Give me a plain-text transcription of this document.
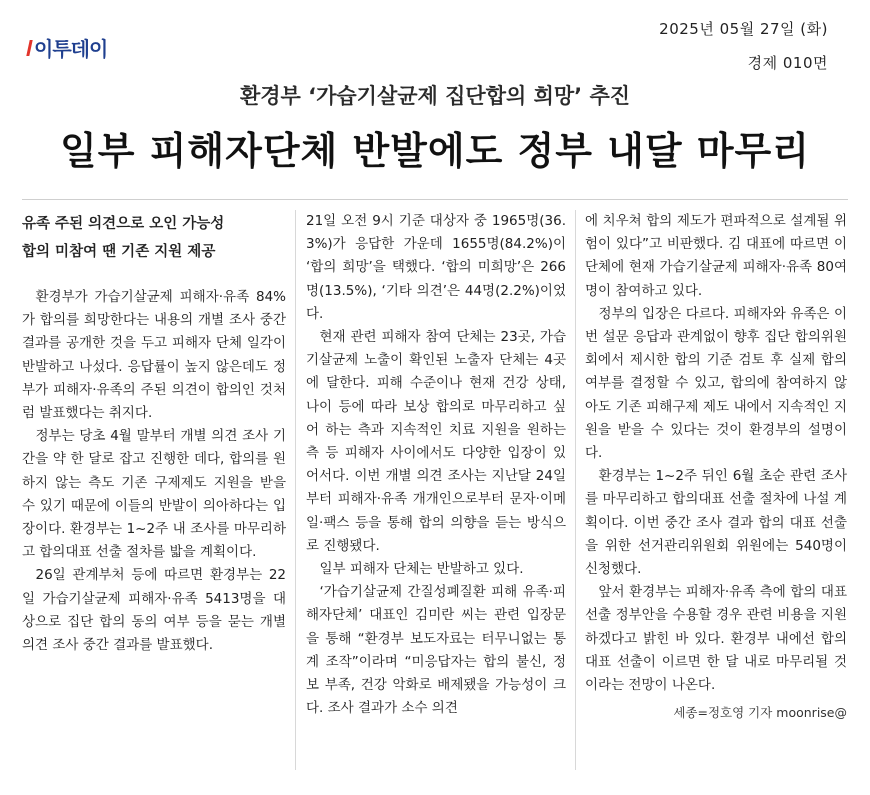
이투데이
2025년 05월 27일 (화)
경제 010면
환경부 ‘가습기살균제 집단합의 희망’ 추진
일부 피해자단체 반발에도 정부 내달 마무리
유족 주된 의견으로 오인 가능성
합의 미참여 땐 기존 지원 제공

환경부가 가습기살균제 피해자·유족 84%가 합의를 희망한다는 내용의 개별 조사 중간 결과를 공개한 것을 두고 피해자 단체 일각이 반발하고 나섰다. 응답률이 높지 않은데도 정부가 피해자·유족의 주된 의견이 합의인 것처럼 발표했다는 취지다.

정부는 당초 4월 말부터 개별 의견 조사 기간을 약 한 달로 잡고 진행한 데다, 합의를 원하지 않는 측도 기존 구제제도 지원을 받을 수 있기 때문에 이들의 반발이 의아하다는 입장이다. 환경부는 1~2주 내 조사를 마무리하고 합의대표 선출 절차를 밟을 계획이다.

26일 관계부처 등에 따르면 환경부는 22일 가습기살균제 피해자·유족 5413명을 대상으로 집단 합의 동의 여부 등을 묻는 개별 의견 조사 중간 결과를 발표했다.

21일 오전 9시 기준 대상자 중 1965명(36.3%)가 응답한 가운데 1655명(84.2%)이 ‘합의 희망’을 택했다. ‘합의 미희망’은 266명(13.5%), ‘기타 의견’은 44명(2.2%)이었다.

현재 관련 피해자 참여 단체는 23곳, 가습기살균제 노출이 확인된 노출자 단체는 4곳에 달한다. 피해 수준이나 현재 건강 상태, 나이 등에 따라 보상 합의로 마무리하고 싶어 하는 측과 지속적인 치료 지원을 원하는 측 등 피해자 사이에서도 다양한 입장이 있어서다. 이번 개별 의견 조사는 지난달 24일부터 피해자·유족 개개인으로부터 문자·이메일·팩스 등을 통해 합의 의향을 듣는 방식으로 진행됐다.

일부 피해자 단체는 반발하고 있다.

‘가습기살균제 간질성폐질환 피해 유족·피해자단체’ 대표인 김미란 씨는 관련 입장문을 통해 “환경부 보도자료는 터무니없는 통계 조작”이라며 “미응답자는 합의 불신, 정보 부족, 건강 악화로 배제됐을 가능성이 크다. 조사 결과가 소수 의견

에 치우쳐 합의 제도가 편파적으로 설계될 위험이 있다”고 비판했다. 김 대표에 따르면 이 단체에 현재 가습기살균제 피해자·유족 80여 명이 참여하고 있다.

정부의 입장은 다르다. 피해자와 유족은 이번 설문 응답과 관계없이 향후 집단 합의위원회에서 제시한 합의 기준 검토 후 실제 합의 여부를 결정할 수 있고, 합의에 참여하지 않아도 기존 피해구제 제도 내에서 지속적인 지원을 받을 수 있다는 것이 환경부의 설명이다.

환경부는 1~2주 뒤인 6월 초순 관련 조사를 마무리하고 합의대표 선출 절차에 나설 계획이다. 이번 중간 조사 결과 합의 대표 선출을 위한 선거관리위원회 위원에는 540명이 신청했다.

앞서 환경부는 피해자·유족 측에 합의 대표 선출 정부안을 수용할 경우 관련 비용을 지원하겠다고 밝힌 바 있다. 환경부 내에선 합의대표 선출이 이르면 한 달 내로 마무리될 것이라는 전망이 나온다.

세종=정호영 기자 moonrise@
